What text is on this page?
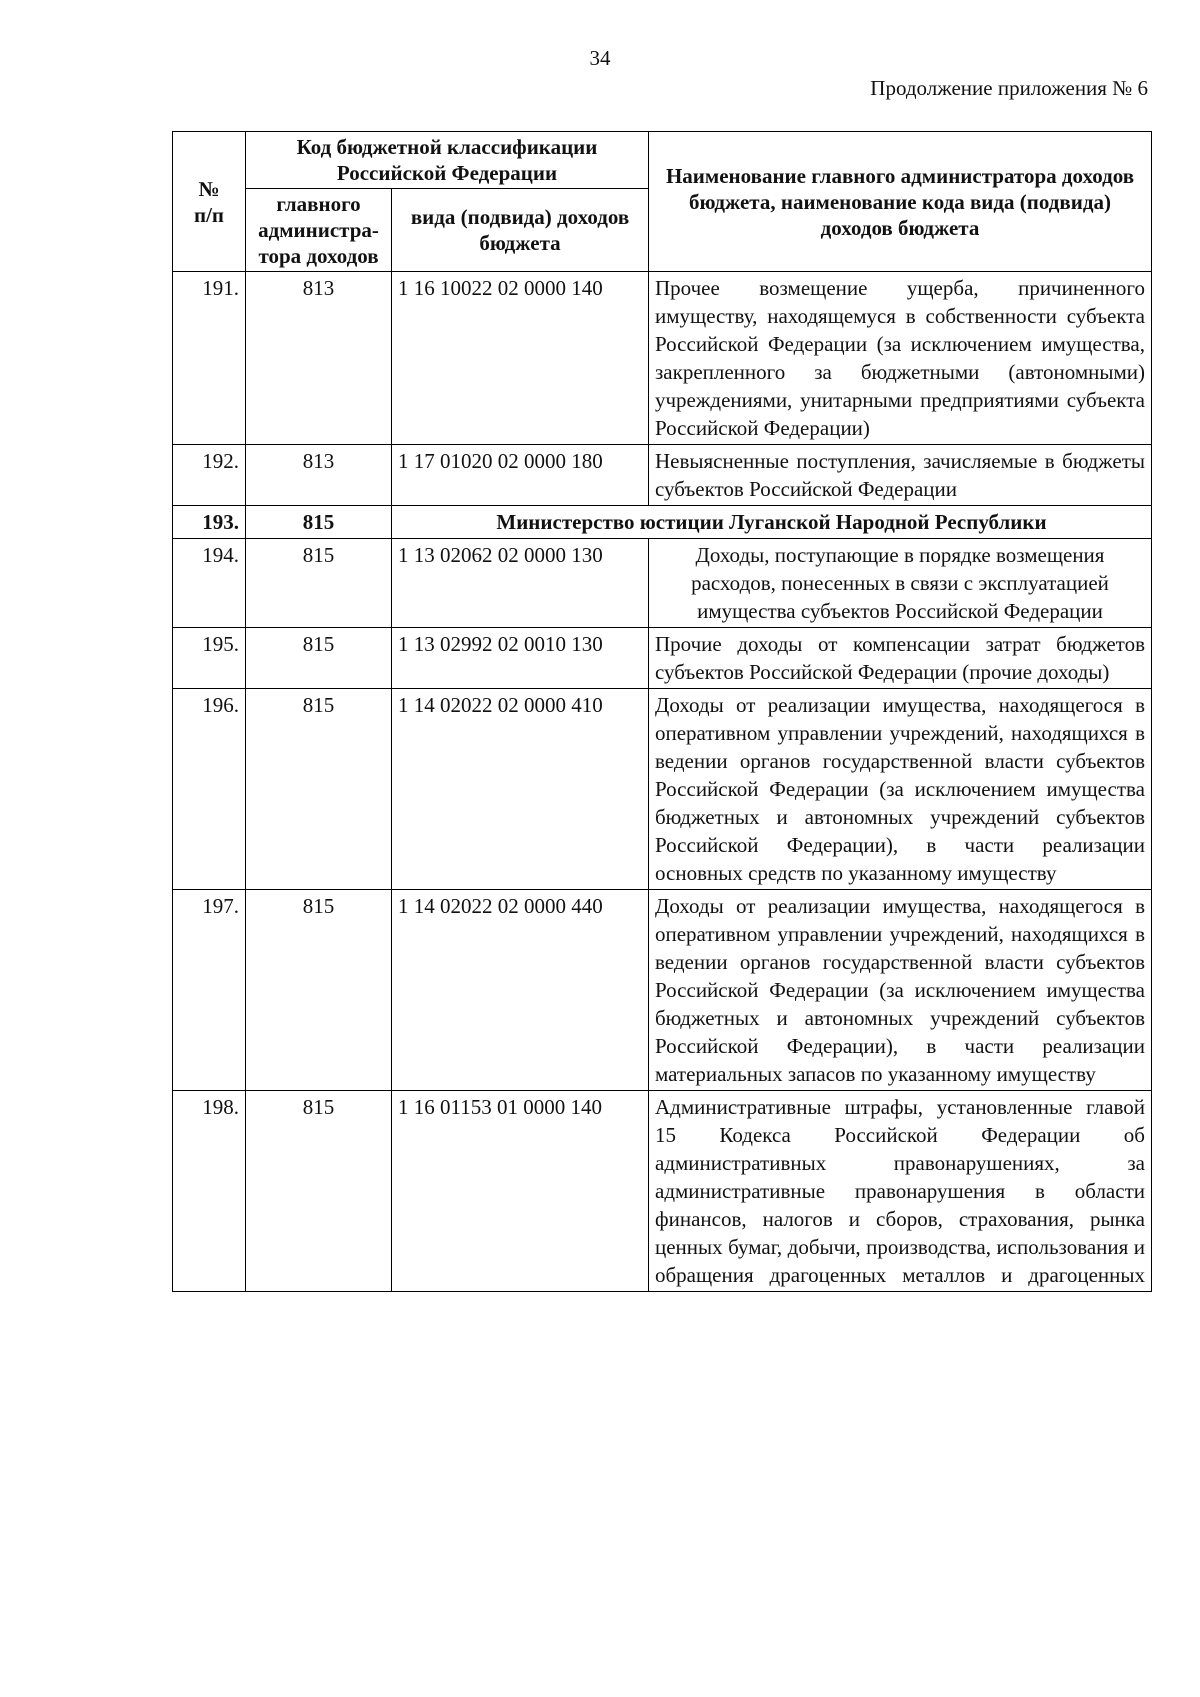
34
Продолжение приложения № 6
№
п/п	Код бюджетной классификации Российской Федерации		Наименование главного администратора доходов бюджета, наименование кода вида (подвида) доходов бюджета
	главного администра-тора доходов	вида (подвида) доходов бюджета	
191.	813	1 16 10022 02 0000 140	Прочее возмещение ущерба, причиненного имуществу, находящемуся в собственности субъекта Российской Федерации (за исключением имущества, закрепленного за бюджетными (автономными) учреждениями, унитарными предприятиями субъекта Российской Федерации)
192.	813	1 17 01020 02 0000 180	Невыясненные поступления, зачисляемые в бюджеты субъектов Российской Федерации
193.	815	Министерство юстиции Луганской Народной Республики	
194.	815	1 13 02062 02 0000 130	Доходы, поступающие в порядке возмещения расходов, понесенных в связи с эксплуатацией имущества субъектов Российской Федерации
195.	815	1 13 02992 02 0010 130	Прочие доходы от компенсации затрат бюджетов субъектов Российской Федерации (прочие доходы)
196.	815	1 14 02022 02 0000 410	Доходы от реализации имущества, находящегося в оперативном управлении учреждений, находящихся в ведении органов государственной власти субъектов Российской Федерации (за исключением имущества бюджетных и автономных учреждений субъектов Российской Федерации), в части реализации основных средств по указанному имуществу
197.	815	1 14 02022 02 0000 440	Доходы от реализации имущества, находящегося в оперативном управлении учреждений, находящихся в ведении органов государственной власти субъектов Российской Федерации (за исключением имущества бюджетных и автономных учреждений субъектов Российской Федерации), в части реализации материальных запасов по указанному имуществу
198.	815	1 16 01153 01 0000 140	Административные штрафы, установленные главой 15 Кодекса Российской Федерации об административных правонарушениях, за административные правонарушения в области финансов, налогов и сборов, страхования, рынка ценных бумаг, добычи, производства, использования и обращения драгоценных металлов и драгоценных
